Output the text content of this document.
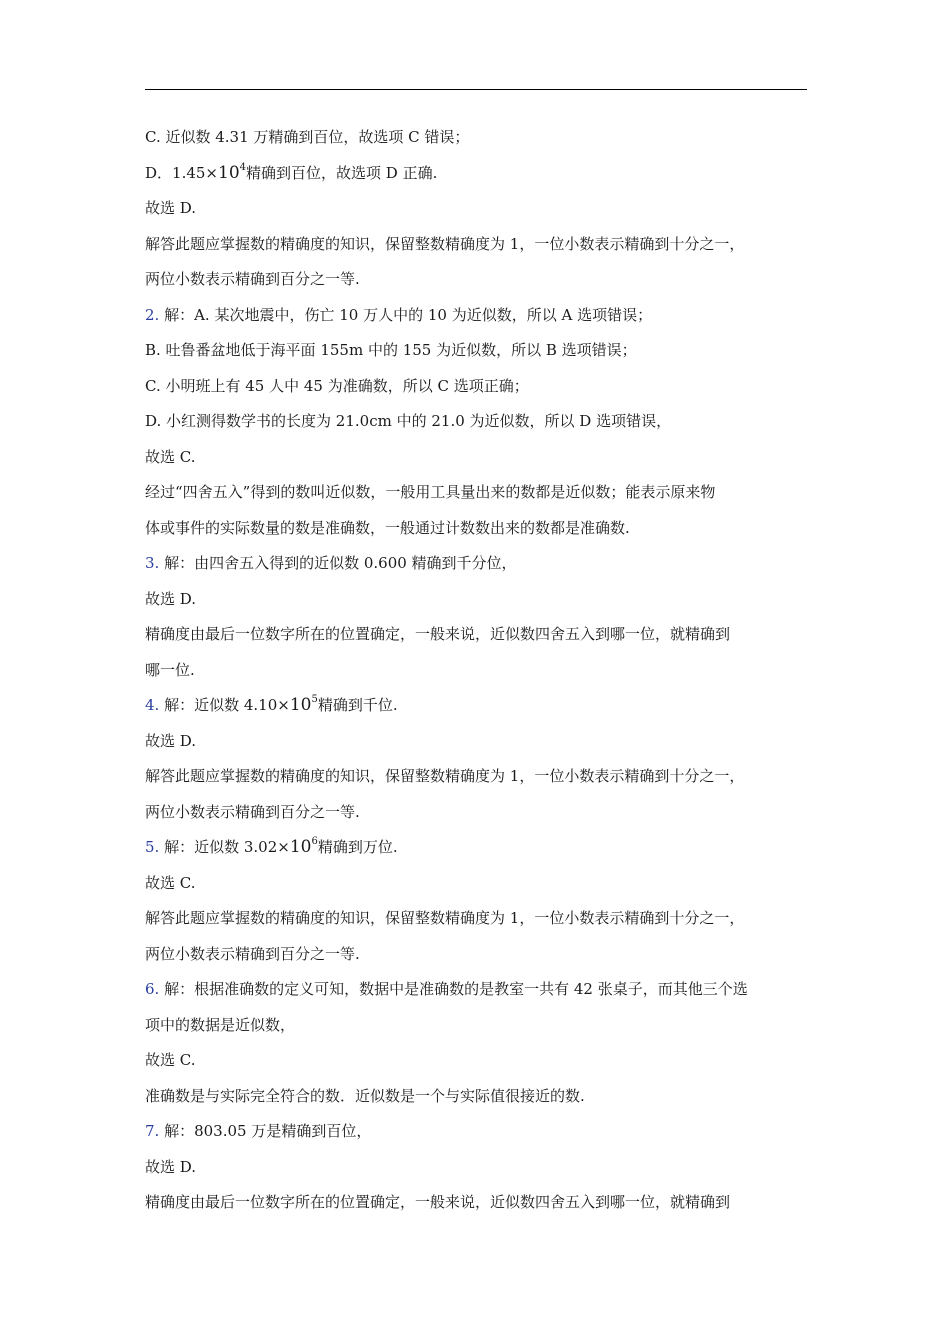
C. 近似数 4.31 万精确到百位，故选项 C 错误；
D．$1.45\times 10^4$精确到百位，故选项 D 正确.
故选 D.
解答此题应掌握数的精确度的知识，保留整数精确度为 1，一位小数表示精确到十分之一，
两位小数表示精确到百分之一等.
2. 解：A. 某次地震中，伤亡 10 万人中的 10 为近似数，所以 A 选项错误；
B. 吐鲁番盆地低于海平面 155m 中的 155 为近似数，所以 B 选项错误；
C. 小明班上有 45 人中 45 为准确数，所以 C 选项正确；
D. 小红测得数学书的长度为 21.0cm 中的 21.0 为近似数，所以 D 选项错误，
故选 C.
经过“四舍五入”得到的数叫近似数，一般用工具量出来的数都是近似数；能表示原来物
体或事件的实际数量的数是准确数，一般通过计数数出来的数都是准确数.
3. 解：由四舍五入得到的近似数 0.600 精确到千分位，
故选 D.
精确度由最后一位数字所在的位置确定，一般来说，近似数四舍五入到哪一位，就精确到
哪一位.
4. 解：近似数 $4.10\times 10^5$精确到千位.
故选 D.
解答此题应掌握数的精确度的知识，保留整数精确度为 1，一位小数表示精确到十分之一，
两位小数表示精确到百分之一等.
5. 解：近似数 $3.02\times 10^6$精确到万位.
故选 C.
解答此题应掌握数的精确度的知识，保留整数精确度为 1，一位小数表示精确到十分之一，
两位小数表示精确到百分之一等.
6. 解：根据准确数的定义可知，数据中是准确数的是教室一共有 42 张桌子，而其他三个选
项中的数据是近似数，
故选 C.
准确数是与实际完全符合的数．近似数是一个与实际值很接近的数.
7. 解：803.05 万是精确到百位，
故选 D.
精确度由最后一位数字所在的位置确定，一般来说，近似数四舍五入到哪一位，就精确到
